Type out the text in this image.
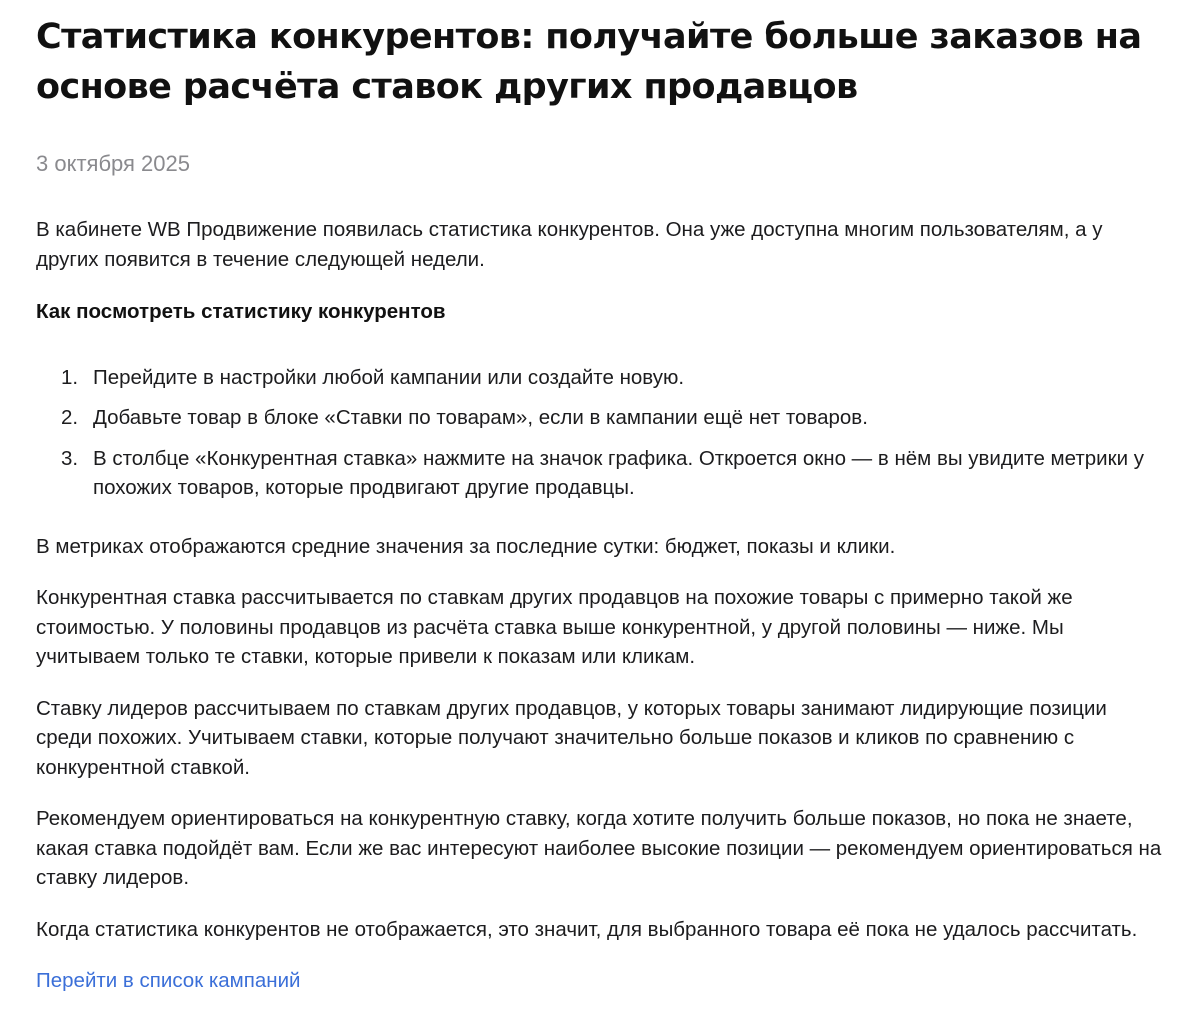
Статистика конкурентов: получайте больше заказов на основе расчёта ставок других продавцов
3 октября 2025

В кабинете WB Продвижение появилась статистика конкурентов. Она уже доступна многим пользователям, а у других появится в течение следующей недели.

Как посмотреть статистику конкурентов
1. Перейдите в настройки любой кампании или создайте новую.
2. Добавьте товар в блоке «Ставки по товарам», если в кампании ещё нет товаров.
3. В столбце «Конкурентная ставка» нажмите на значок графика. Откроется окно — в нём вы увидите метрики у похожих товаров, которые продвигают другие продавцы.

В метриках отображаются средние значения за последние сутки: бюджет, показы и клики.

Конкурентная ставка рассчитывается по ставкам других продавцов на похожие товары с примерно такой же стоимостью. У половины продавцов из расчёта ставка выше конкурентной, у другой половины — ниже. Мы учитываем только те ставки, которые привели к показам или кликам.

Ставку лидеров рассчитываем по ставкам других продавцов, у которых товары занимают лидирующие позиции среди похожих. Учитываем ставки, которые получают значительно больше показов и кликов по сравнению с конкурентной ставкой.

Рекомендуем ориентироваться на конкурентную ставку, когда хотите получить больше показов, но пока не знаете, какая ставка подойдёт вам. Если же вас интересуют наиболее высокие позиции — рекомендуем ориентироваться на ставку лидеров.

Когда статистика конкурентов не отображается, это значит, для выбранного товара её пока не удалось рассчитать.

Перейти в список кампаний
